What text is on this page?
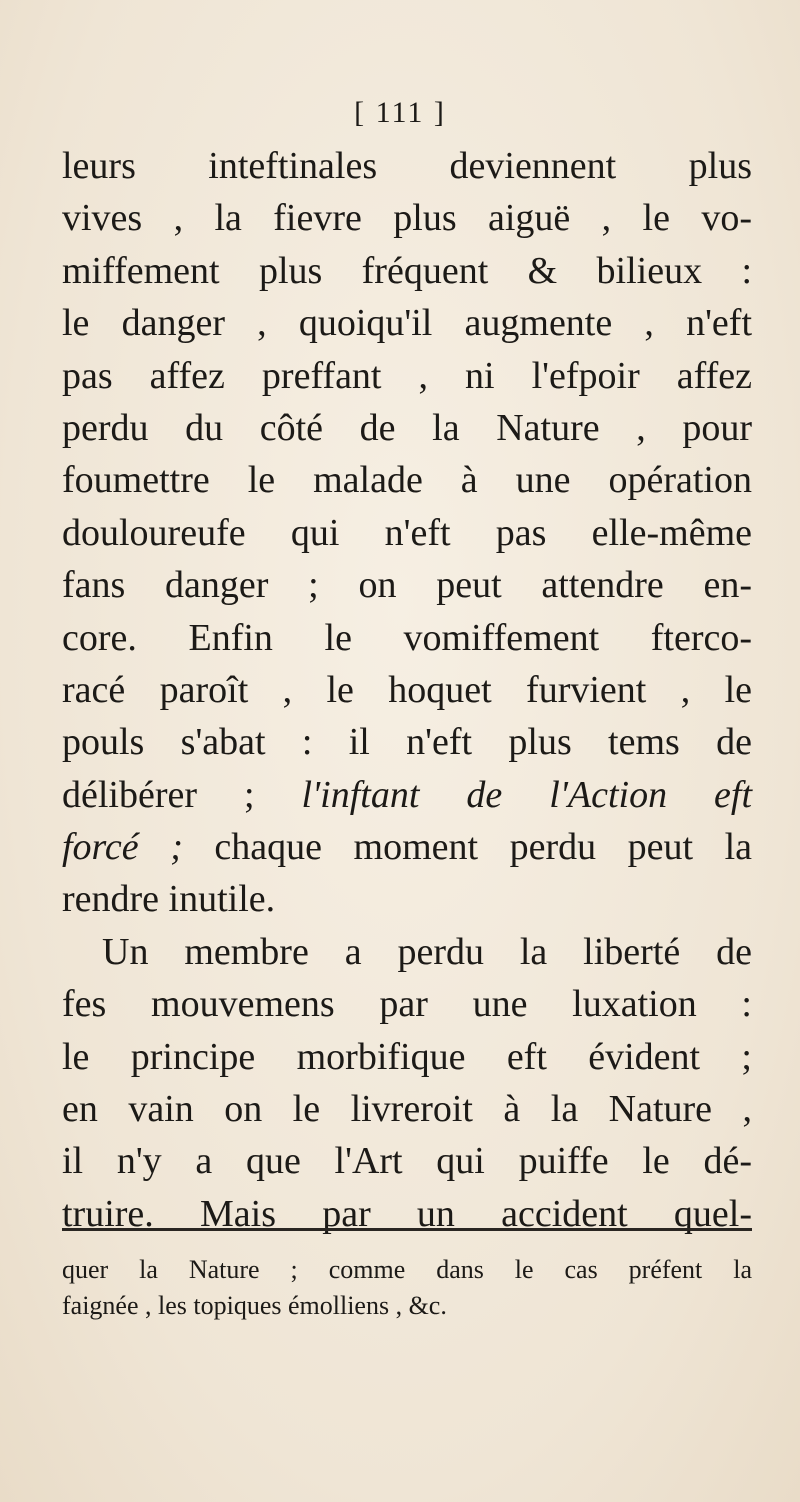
[ 111 ]
leurs inteftinales deviennent plus
vives , la fievre plus aiguë , le vo-
miffement plus fréquent & bilieux :
le danger , quoiqu'il augmente , n'eft
pas affez preffant , ni l'efpoir affez
perdu du côté de la Nature , pour
foumettre le malade à une opération
douloureufe qui n'eft pas elle-même
fans danger ; on peut attendre en-
core. Enfin le vomiffement fterco-
racé paroît , le hoquet furvient , le
pouls s'abat : il n'eft plus tems de
délibérer ; l'inftant de l'Action eft
forcé ; chaque moment perdu peut la
rendre inutile.
Un membre a perdu la liberté de
fes mouvemens par une luxation :
le principe morbifique eft évident ;
en vain on le livreroit à la Nature ,
il n'y a que l'Art qui puiffe le dé-
truire. Mais par un accident quel-
quer la Nature ; comme dans le cas préfent la
faignée , les topiques émolliens , &c.
